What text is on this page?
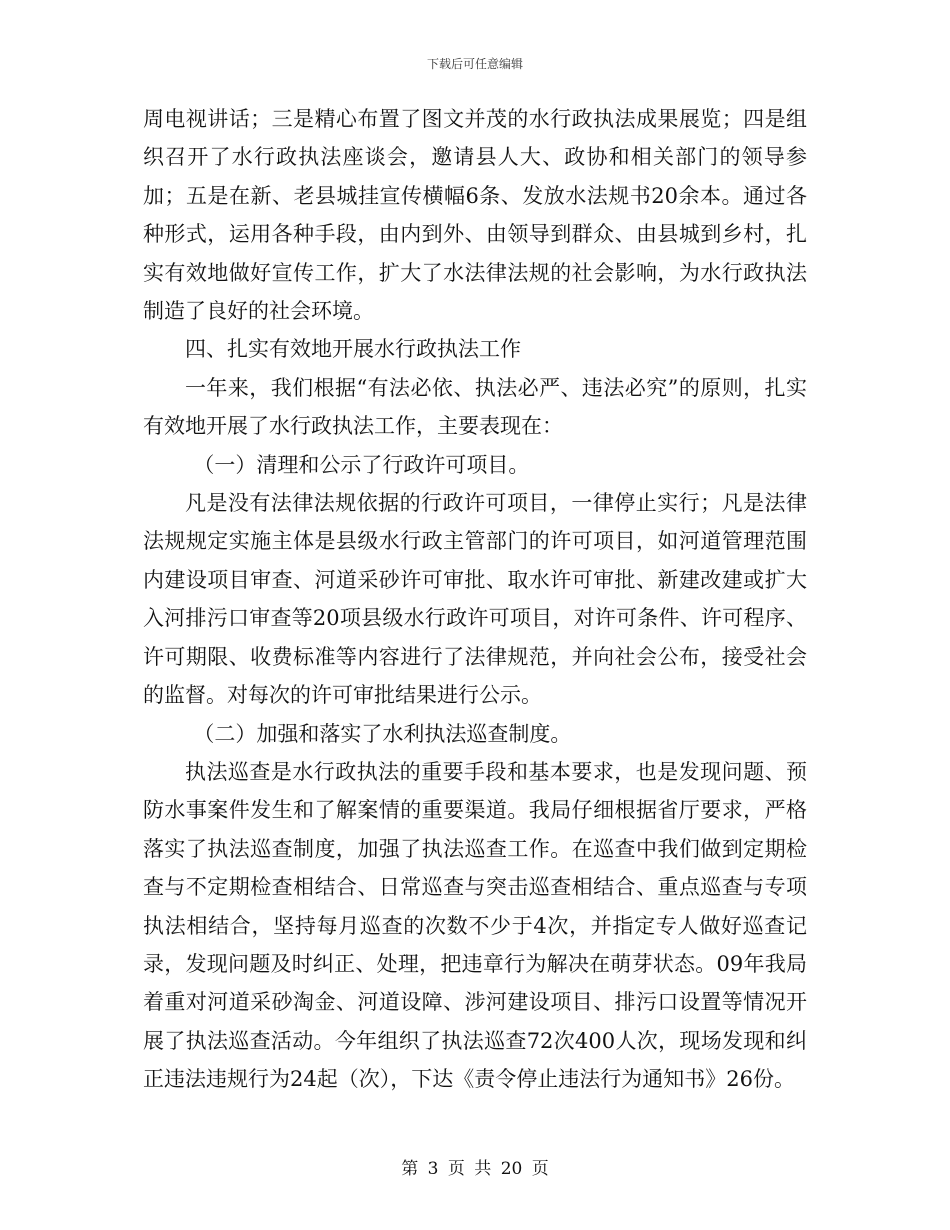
下载后可任意编辑

周电视讲话；三是精心布置了图文并茂的水行政执法成果展览；四是组织召开了水行政执法座谈会，邀请县人大、政协和相关部门的领导参加；五是在新、老县城挂宣传横幅6条、发放水法规书20余本。通过各种形式，运用各种手段，由内到外、由领导到群众、由县城到乡村，扎实有效地做好宣传工作，扩大了水法律法规的社会影响，为水行政执法制造了良好的社会环境。

四、扎实有效地开展水行政执法工作

一年来，我们根据“有法必依、执法必严、违法必究”的原则，扎实有效地开展了水行政执法工作，主要表现在：

（一）清理和公示了行政许可项目。

凡是没有法律法规依据的行政许可项目，一律停止实行；凡是法律法规规定实施主体是县级水行政主管部门的许可项目，如河道管理范围内建设项目审查、河道采砂许可审批、取水许可审批、新建改建或扩大入河排污口审查等20项县级水行政许可项目，对许可条件、许可程序、许可期限、收费标准等内容进行了法律规范，并向社会公布，接受社会的监督。对每次的许可审批结果进行公示。

（二）加强和落实了水利执法巡查制度。

执法巡查是水行政执法的重要手段和基本要求，也是发现问题、预防水事案件发生和了解案情的重要渠道。我局仔细根据省厅要求，严格落实了执法巡查制度，加强了执法巡查工作。在巡查中我们做到定期检查与不定期检查相结合、日常巡查与突击巡查相结合、重点巡查与专项执法相结合，坚持每月巡查的次数不少于4次，并指定专人做好巡查记录，发现问题及时纠正、处理，把违章行为解决在萌芽状态。09年我局着重对河道采砂淘金、河道设障、涉河建设项目、排污口设置等情况开展了执法巡查活动。今年组织了执法巡查72次400人次，现场发现和纠正违法违规行为24起（次），下达《责令停止违法行为通知书》26份。

第 3 页 共 20 页
